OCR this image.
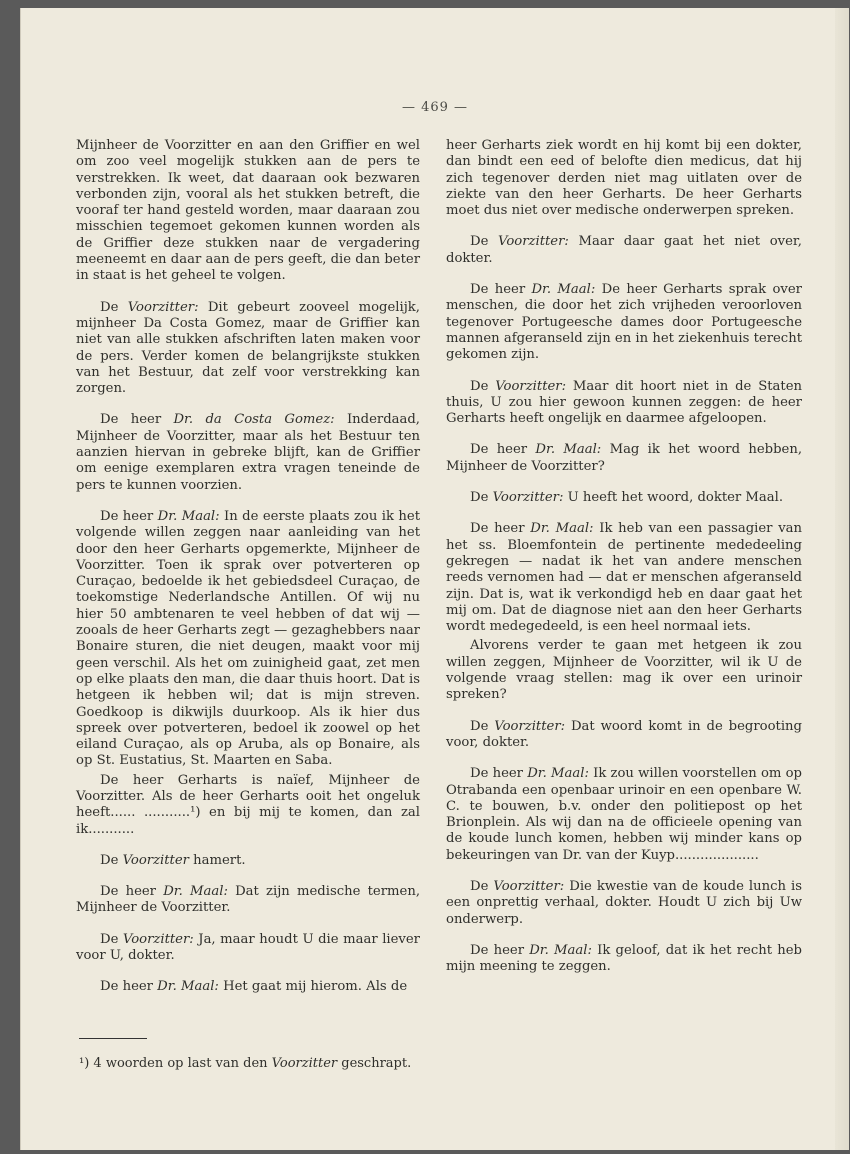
— 469 —

Mijnheer de Voorzitter en aan den Griffier en wel om zoo veel mogelijk stukken aan de pers te verstrekken. Ik weet, dat daaraan ook bezwaren verbonden zijn, vooral als het stukken betreft, die vooraf ter hand gesteld worden, maar daaraan zou misschien tegemoet gekomen kunnen worden als de Griffier deze stukken naar de vergadering meeneemt en daar aan de pers geeft, die dan beter in staat is het geheel te volgen.

De Voorzitter: Dit gebeurt zooveel mogelijk, mijnheer Da Costa Gomez, maar de Griffier kan niet van alle stukken afschriften laten maken voor de pers. Verder komen de belangrijkste stukken van het Bestuur, dat zelf voor verstrekking kan zorgen.

De heer Dr. da Costa Gomez: Inderdaad, Mijnheer de Voorzitter, maar als het Bestuur ten aanzien hiervan in gebreke blijft, kan de Griffier om eenige exemplaren extra vragen teneinde de pers te kunnen voorzien.

De heer Dr. Maal: In de eerste plaats zou ik het volgende willen zeggen naar aanleiding van het door den heer Gerharts opgemerkte, Mijnheer de Voorzitter. Toen ik sprak over potverteren op Curaçao, bedoelde ik het gebiedsdeel Curaçao, de toekomstige Nederlandsche Antillen. Of wij nu hier 50 ambtenaren te veel hebben of dat wij — zooals de heer Gerharts zegt — gezaghebbers naar Bonaire sturen, die niet deugen, maakt voor mij geen verschil. Als het om zuinigheid gaat, zet men op elke plaats den man, die daar thuis hoort. Dat is hetgeen ik hebben wil; dat is mijn streven. Goedkoop is dikwijls duurkoop. Als ik hier dus spreek over potverteren, bedoel ik zoowel op het eiland Curaçao, als op Aruba, als op Bonaire, als op St. Eustatius, St. Maarten en Saba.

De heer Gerharts is naïef, Mijnheer de Voorzitter. Als de heer Gerharts ooit het ongeluk heeft...... ...........¹) en bij mij te komen, dan zal ik...........

De Voorzitter hamert.

De heer Dr. Maal: Dat zijn medische termen, Mijnheer de Voorzitter.

De Voorzitter: Ja, maar houdt U die maar liever voor U, dokter.

De heer Dr. Maal: Het gaat mij hierom. Als de

¹) 4 woorden op last van den Voorzitter geschrapt.

heer Gerharts ziek wordt en hij komt bij een dokter, dan bindt een eed of belofte dien medicus, dat hij zich tegenover derden niet mag uitlaten over de ziekte van den heer Gerharts. De heer Gerharts moet dus niet over medische onderwerpen spreken.

De Voorzitter: Maar daar gaat het niet over, dokter.

De heer Dr. Maal: De heer Gerharts sprak over menschen, die door het zich vrijheden veroorloven tegenover Portugeesche dames door Portugeesche mannen afgeranseld zijn en in het ziekenhuis terecht gekomen zijn.

De Voorzitter: Maar dit hoort niet in de Staten thuis, U zou hier gewoon kunnen zeggen: de heer Gerharts heeft ongelijk en daarmee afgeloopen.

De heer Dr. Maal: Mag ik het woord hebben, Mijnheer de Voorzitter?

De Voorzitter: U heeft het woord, dokter Maal.

De heer Dr. Maal: Ik heb van een passagier van het ss. Bloemfontein de pertinente mededeeling gekregen — nadat ik het van andere menschen reeds vernomen had — dat er menschen afgeranseld zijn. Dat is, wat ik verkondigd heb en daar gaat het mij om. Dat de diagnose niet aan den heer Gerharts wordt medegedeeld, is een heel normaal iets.

Alvorens verder te gaan met hetgeen ik zou willen zeggen, Mijnheer de Voorzitter, wil ik U de volgende vraag stellen: mag ik over een urinoir spreken?

De Voorzitter: Dat woord komt in de begrooting voor, dokter.

De heer Dr. Maal: Ik zou willen voorstellen om op Otrabanda een openbaar urinoir en een openbare W. C. te bouwen, b.v. onder den politiepost op het Brionplein. Als wij dan na de officieele opening van de koude lunch komen, hebben wij minder kans op bekeuringen van Dr. van der Kuyp....................

De Voorzitter: Die kwestie van de koude lunch is een onprettig verhaal, dokter. Houdt U zich bij Uw onderwerp.

De heer Dr. Maal: Ik geloof, dat ik het recht heb mijn meening te zeggen.
